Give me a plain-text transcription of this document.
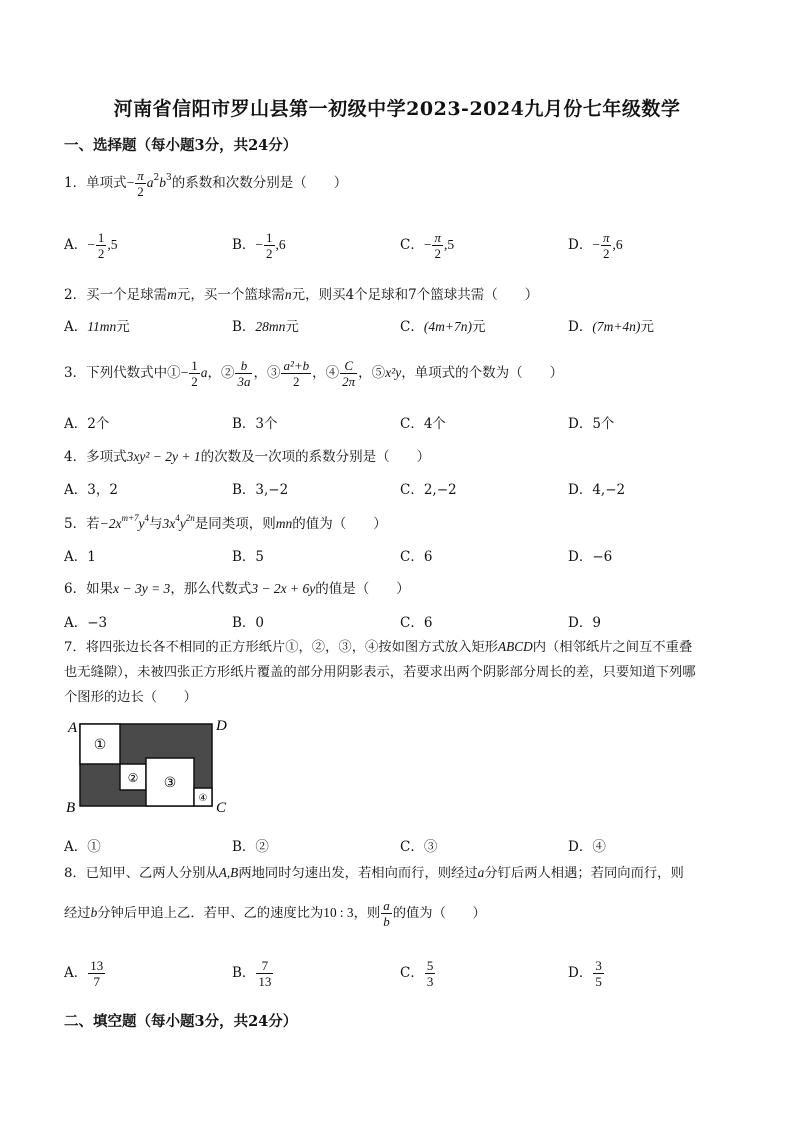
河南省信阳市罗山县第一初级中学2023-2024九月份七年级数学
一、选择题（每小题3分，共24分）
1．单项式− $\frac{\pi}{2} a^2b^3$的系数和次数分别是（　　）
A．− $\frac{1}{2} ,5$	B．− $\frac{1}{2} ,6$	C．− $\frac{\pi}{2} ,5$	D．− $\frac{\pi}{2} ,6$
2．买一个足球需m元，买一个篮球需n元，则买4个足球和7个篮球共需（　　）
A．11mn元	B．28mn元	C．(4m+7n)元	D．(7m+4n)元
3．下列代数式中①− $\frac{1}{2}$ a，② $\frac{b}{3a}$ ，③ $\frac{\text{a²+b}}{2}$ ，④ $\frac{C}{2\pi}$ ，⑤x²y，单项式的个数为（　　）
A．2个	B．3个	C．4个	D．5个
4．多项式3xy² − 2y + 1的次数及一次项的系数分别是（　　）
A．3，2	B．3,−2	C．2,−2	D．4,−2
5．若$-2x^{m+7}y^4$与$3x^4y^{2n}$是同类项，则mn的值为（　　）
A．1	B．5	C．6	D．−6
6．如果x − 3y = 3，那么代数式3 − 2x + 6y的值是（　　）
A．−3	B．0	C．6	D．9
7．将四张边长各不相同的正方形纸片①，②，③，④按如图方式放入矩形ABCD内（相邻纸片之间互不重叠
也无缝隙），未被四张正方形纸片覆盖的部分用阴影表示，若要求出两个阴影部分周长的差，只要知道下列哪
个图形的边长（　　）
①
② ③
④
A	D
B	C
A．①	B．②	C．③	D．④
8．已知甲、乙两人分别从A,B两地同时匀速出发，若相向而行，则经过a分钉后两人相遇；若同向而行，则
经过b分钟后甲追上乙．若甲、乙的速度比为10 : 3，则 $\frac{a}{b}$ 的值为（　　）
A． $\frac{13}{7}$	B． $\frac{7}{13}$	C． $\frac{5}{3}$	D． $\frac{3}{5}$
二、填空题（每小题3分，共24分）
